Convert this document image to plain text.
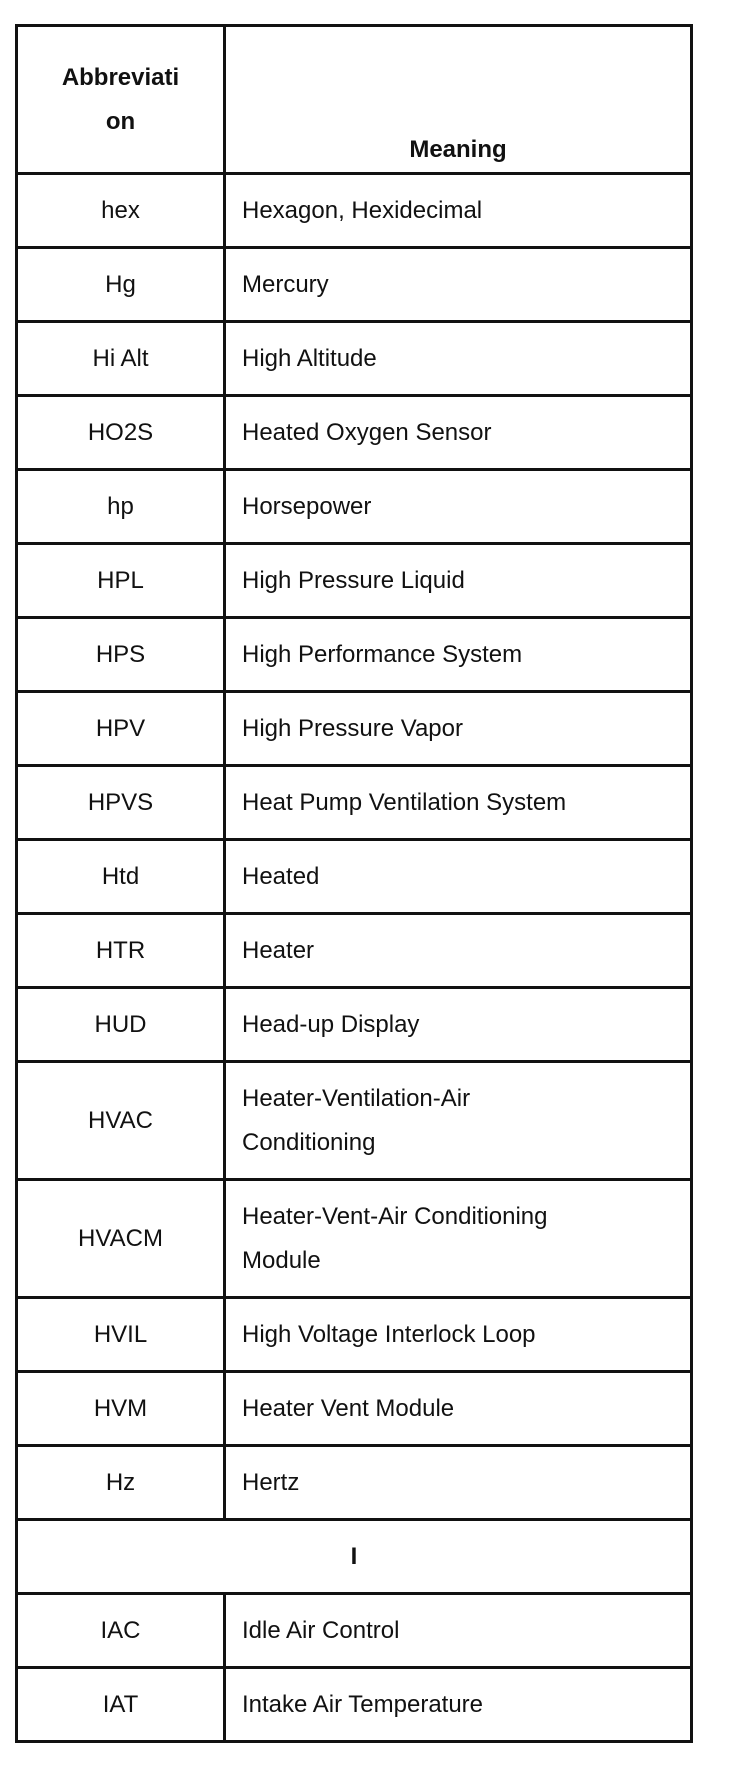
Abbreviati
on	Meaning
hex	Hexagon, Hexidecimal
Hg	Mercury
Hi Alt	High Altitude
HO2S	Heated Oxygen Sensor
hp	Horsepower
HPL	High Pressure Liquid
HPS	High Performance System
HPV	High Pressure Vapor
HPVS	Heat Pump Ventilation System
Htd	Heated
HTR	Heater
HUD	Head-up Display
HVAC	Heater-Ventilation-Air
Conditioning
HVACM	Heater-Vent-Air Conditioning
Module
HVIL	High Voltage Interlock Loop
HVM	Heater Vent Module
Hz	Hertz
I	
IAC	Idle Air Control
IAT	Intake Air Temperature
